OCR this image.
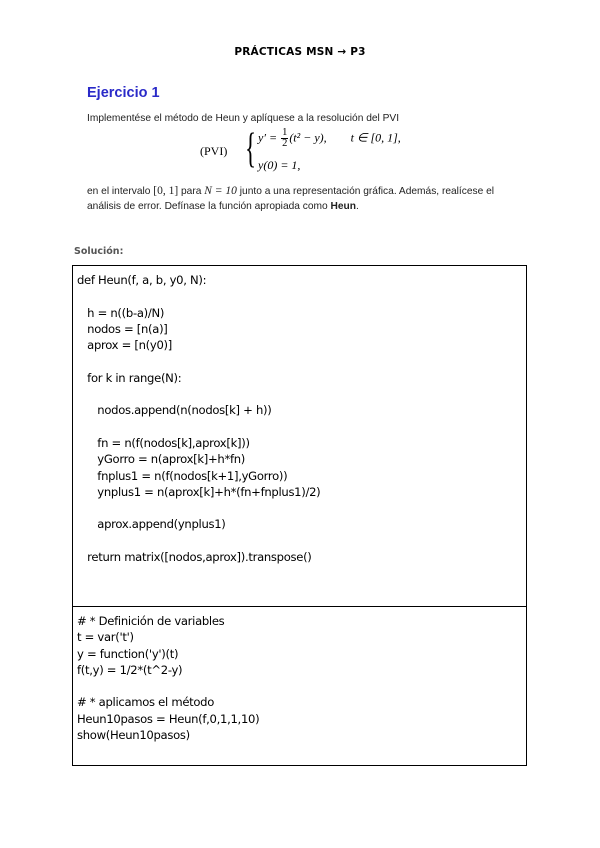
PRÁCTICAS MSN → P3
Ejercicio 1
Implementése el método de Heun y aplíquese a la resolución del PVI
(PVI) { $y' = \frac{1}{2} (t^2 - y)$, t ∈ [0, 1],
y(0) = 1,
en el intervalo [0, 1] para N = 10 junto a una representación gráfica. Además, realícese el
análisis de error. Defínase la función apropiada como Heun.
Solución:
def Heun(f, a, b, y0, N):

h = n((b-a)/N)
nodos = [n(a)]
aprox = [n(y0)]

for k in range(N):

nodos.append(n(nodos[k] + h))

fn = n(f(nodos[k],aprox[k]))
yGorro = n(aprox[k]+h*fn)
fnplus1 = n(f(nodos[k+1],yGorro))
ynplus1 = n(aprox[k]+h*(fn+fnplus1)/2)

aprox.append(ynplus1)

return matrix([nodos,aprox]).transpose()
# * Definición de variables
t = var('t')
y = function('y')(t)
f(t,y) = 1/2*(t^2-y)

# * aplicamos el método
Heun10pasos = Heun(f,0,1,1,10)
show(Heun10pasos)
